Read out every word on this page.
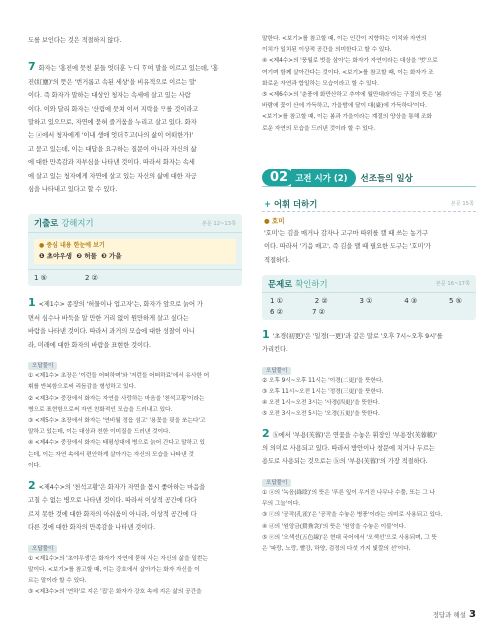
도를 보인다는 것은 적절하지 않다.

7 화자는 '홍진에 뭇친 분들 엇더훈 ᄂᆞ디 ᄒᆞ여 말을 이르고 있는데, '홍

진(紅塵)'의 뜻은 '번거롭고 속된 세상'을 비유적으로 이르는 말'

이다. 즉 화자가 말하는 대상인 청자는 속세에 살고 있는 사람

이다. 이와 달리 화자는 '산림에 뭇쳐 이셔 지락을 ᄆᆞ를 것이라고

말하고 있으므로, 자연에 묻혀 즐거움을 누리고 살고 있다. 화자

는 ⓐ에서 청자에게 '이내 생애 엇더ᄒᆞ고(나의 삶이 어떠한가)'

고 묻고 있는데, 이는 대답을 요구하는 질문이 아니라 자신의 삶

에 대한 만족감과 자부심을 나타낸 것이다. 따라서 화자는 속세

에 살고 있는 청자에게 자연에 살고 있는 자신의 삶에 대한 자긍

심을 나타내고 있다고 할 수 있다.

기출로 강해지기	본문 12~13쪽

● 중심 내용 한눈에 보기

❶ 초야우생 ❷ 허물 ❸ 가을

1 ⑤	2 ②

1 <제1수> 종장의 '허물이나 업고자'는, 화자가 앞으로 늙어 가

면서 심수나 바둑을 알 만한 거리 없이 원만하게 살고 싶다는

바람을 나타낸 것이다. 따라서 과거의 모습에 대한 성찰이 아니

라, 미래에 대한 화자의 바람을 표현한 것이다.

오답풀이

① <제1수> 초장은 '이런들 어떠하며'와 '저런들 어떠하료'에서 유사한 어

휘를 반복함으로써 리듬감을 형성하고 있다.

② <제3수> 중장에서 화자는 자연을 사랑하는 마음을 '천석고황'이라는

병으로 표현함으로써 자연 친화적인 모습을 드러내고 있다.

③ <제5수> 초장에서 화자는 '연비월 정읍 섬고' '용꽃을 핏을 쏘는다'고

말하고 있는데, 이는 대상과 친한 이미질을 드러낸 것이다.

④ <제4수> 중장에서 화자는 태평성대에 병으로 늙어 간다고 말하고 있

는데, 이는 자연 속에서 편안하게 살아가는 자신의 모습을 나타낸 것

이다.

2 <제4수>의 '천석고황'은 화자가 자연을 몹시 좋아하는 마음을

고칠 수 없는 병으로 나타낸 것이다. 따라서 이상적 공간에 다다

르지 못한 것에 대한 화자의 아쉬움이 아니라, 이상적 공간에 다

다른 것에 대한 화자의 만족감을 나타낸 것이다.

오답풀이

① <제1수>의 '초야우생'은 화자가 자연에 묻혀 사는 자신의 삶을 일컫는

말이다. <보기>를 참고할 때, 이는 강호에서 살아가는 화자 자신을 이

르는 말이라 할 수 있다.

③ <제3수>의 '연하'로 지은 '집'은 화자가 강호 속에 지은 삶의 공간을

말한다. <보기>를 참고할 때, 이는 인간이 지향하는 이치와 자연의

이치가 일치된 이상적 공간을 의미한다고 할 수 있다.

④ <제4수>의 '풍월로 벗을 삼아'는 화자가 자연이라는 대상을 '벗'으로

여기며 함께 살아간다는 것이다. <보기>를 참고할 때, 이는 화자가 조

화로운 자연과 합일하는 모습이라고 할 수 있다.

⑤ <제6수>의 '춘풍에 화만산하고 추야에 월만대라'라는 구절의 뜻은 '봄

바람에 꽃이 산에 가득하고, 가을밤에 달이 대(臺)에 가득하다'이다.

<보기>를 참고할 때, 이는 봄과 가을이라는 계절의 양상을 통해 조화

로운 자연의 모습을 드러낸 것이라 할 수 있다.

02 고전 시가 (2)	선조들의 일상
+ 어휘 더하기	본문 15쪽

● 호미

'호미'는 김을 매거나 감자나 고구마 따위를 캘 때 쓰는 농기구

이다. 따라서 '기음 매고', 즉 김을 맬 때 필요한 도구는 '호미'가

적절하다.

문제로 확인하기	본문 16~17쪽
1 ①	2 ②	3 ①	4 ③	5 ⑤
6 ②	7 ②

1 '초경(初更)'은 '일경(一更)'과 같은 말로 '오후 7시~오후 9시'를

가리킨다.

오답풀이

② 오후 9시~오후 11시는 '이경(二更)'을 뜻한다.

③ 오후 11시~오전 1시는 '정경(三更)'을 뜻한다.

④ 오전 1시~오전 3시는 '사경(四更)'을 뜻한다.

⑤ 오전 3시~오전 5시는 '오경(五更)'을 뜻한다.

2 ⓑ에서 '부용(芙蓉)'은 연꽃을 수놓은 휘장인 '부용장(芙蓉帳)'

의 의미로 사용되고 있다. 따라서 방안이나 창문에 치거나 두르는

용도로 사용되는 것으로는 ⓑ의 '부용(芙蓉)'의 가장 적절하다.

오답풀이

① ⓐ의 '녹음(綠陰)'의 뜻은 '푸른 잎이 우거진 나무나 수풀, 또는 그 나

무의 그늘'이다.

③ ⓒ의 '공작(孔雀)'은 '공작을 수놓은 병풍'이라는 의미로 사용되고 있다.

④ ⓓ의 '원앙금(鴛鴦衾)'의 뜻은 '원앙을 수놓은 이불'이다.

⑤ ⓔ의 '오색선(五色線)'은 현대 국어에서 '오색선'으로 사용되며, 그 뜻

은 '파랑, 노랑, 빨강, 하양, 검정의 다섯 가지 빛깔의 선'이다.

정답과 해설 3
